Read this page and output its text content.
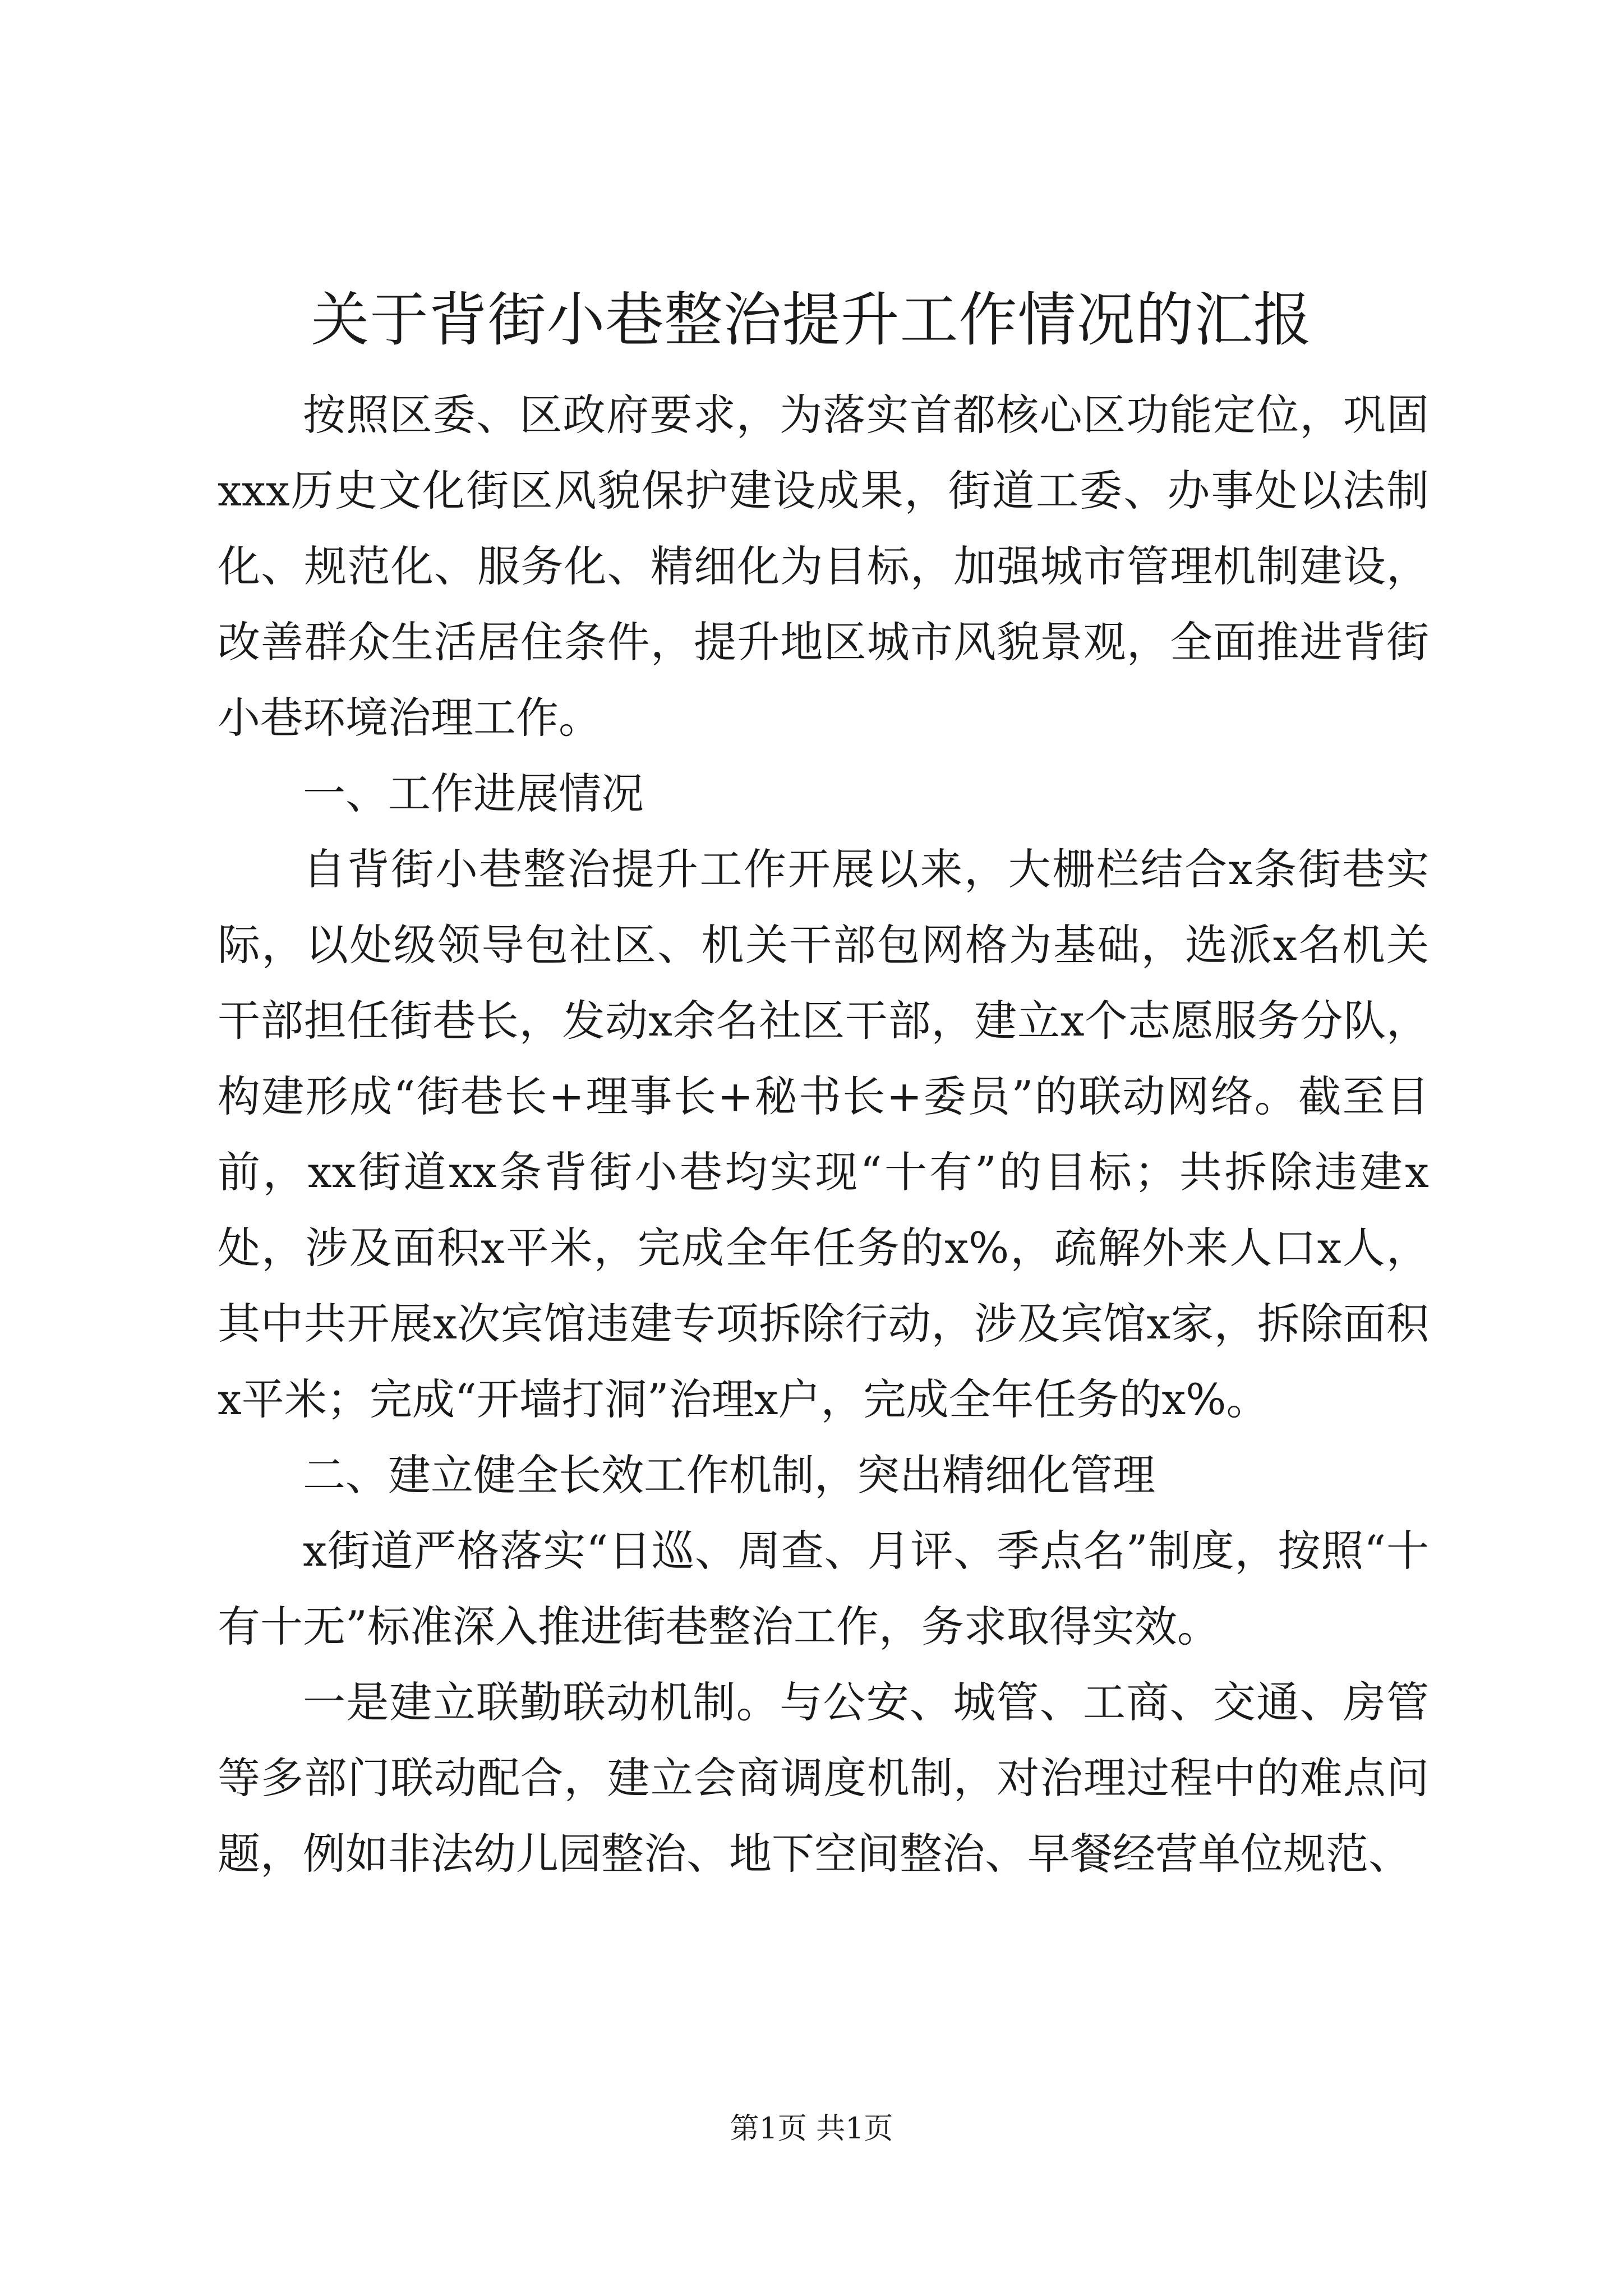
关于背街小巷整治提升工作情况的汇报

按照区委、区政府要求，为落实首都核心区功能定位，巩固xxx历史文化街区风貌保护建设成果，街道工委、办事处以法制化、规范化、服务化、精细化为目标，加强城市管理机制建设，改善群众生活居住条件，提升地区城市风貌景观，全面推进背街小巷环境治理工作。

一、工作进展情况

自背街小巷整治提升工作开展以来，大栅栏结合x条街巷实际，以处级领导包社区、机关干部包网格为基础，选派x名机关干部担任街巷长，发动x余名社区干部，建立x个志愿服务分队，构建形成“街巷长+理事长+秘书长+委员”的联动网络。截至目前，xx街道xx条背街小巷均实现“十有”的目标；共拆除违建x处，涉及面积x平米，完成全年任务的x%，疏解外来人口x人，其中共开展x次宾馆违建专项拆除行动，涉及宾馆x家，拆除面积x平米；完成“开墙打洞”治理x户，完成全年任务的x%。

二、建立健全长效工作机制，突出精细化管理

x街道严格落实“日巡、周查、月评、季点名”制度，按照“十有十无”标准深入推进街巷整治工作，务求取得实效。

一是建立联勤联动机制。与公安、城管、工商、交通、房管等多部门联动配合，建立会商调度机制，对治理过程中的难点问题，例如非法幼儿园整治、地下空间整治、早餐经营单位规范、

第1页 共1页
